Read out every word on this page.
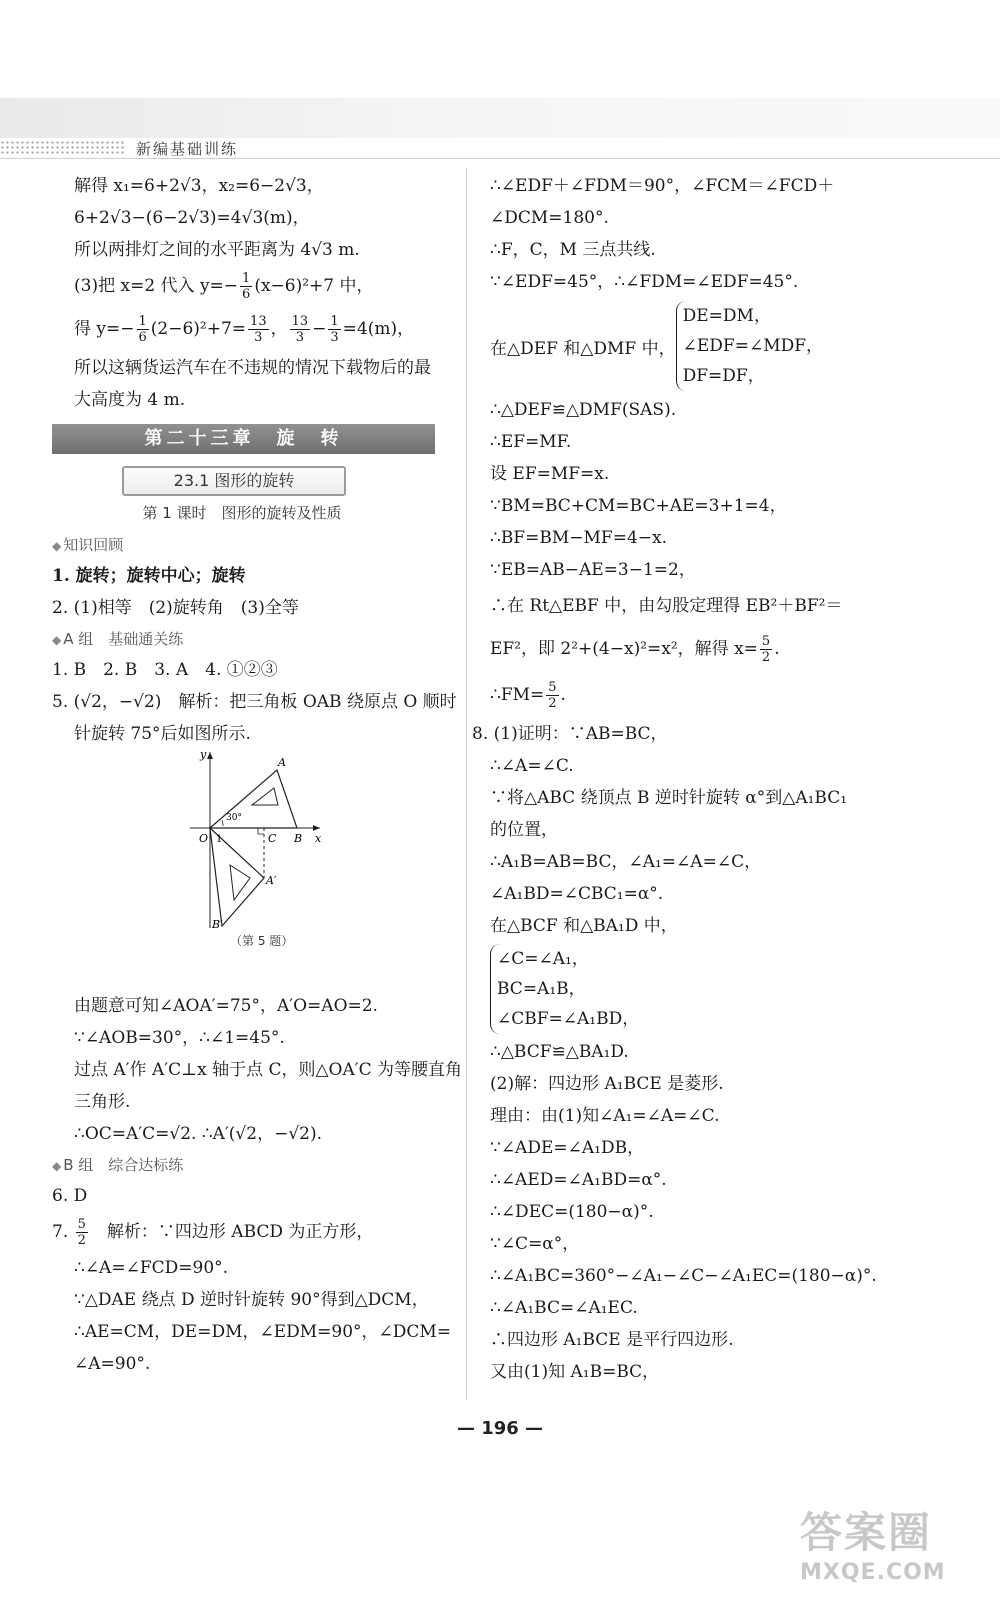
新编基础训练
解得 x₁=6+2√3，x₂=6−2√3，
6+2√3−(6−2√3)=4√3(m)，
所以两排灯之间的水平距离为 4√3 m.
(3)把 x=2 代入 $y=- \frac{1}{6} (x-6)^2+7$ 中，
得 $y=- \frac{1}{6} (2-6)^2+7= \frac{13}{3}$ ， $\frac{13}{3} - \frac{1}{3} =4(m)$，
所以这辆货运汽车在不违规的情况下载物后的最
大高度为 4 m.
第二十三章　旋　转
23.1 图形的旋转
第 1 课时　图形的旋转及性质
◆ 知识回顾
1. 旋转；旋转中心；旋转
2. (1)相等　(2)旋转角　(3)全等
◆ A 组　基础通关练
1. B　2. B　3. A　4. ①②③
5. (√2，−√2)　解析：把三角板 OAB 绕原点 O 顺时
针旋转 75°后如图所示.
y
x
O
A
B
C
A′
B′
1
30°
（第 5 题）
由题意可知∠AOA′=75°，A′O=AO=2.
∵∠AOB=30°，∴∠1=45°.
过点 A′作 A′C⊥x 轴于点 C，则△OA′C 为等腰直角
三角形.
∴OC=A′C=√2. ∴A′(√2，−√2).
◆ B 组　综合达标练
6. D
7. $\frac{5}{2}$ 　解析：∵四边形 ABCD 为正方形，
∴∠A=∠FCD=90°.
∵△DAE 绕点 D 逆时针旋转 90°得到△DCM，
∴AE=CM，DE=DM，∠EDM=90°，∠DCM=
∠A=90°.
∴∠EDF＋∠FDM＝90°，∠FCM＝∠FCD＋
∠DCM=180°.
∴F，C，M 三点共线.
∵∠EDF=45°，∴∠FDM=∠EDF=45°.
在△DEF 和△DMF 中，
DE=DM，
∠EDF=∠MDF，
DF=DF，
∴△DEF≌△DMF(SAS).
∴EF=MF.
设 EF=MF=x.
∵BM=BC+CM=BC+AE=3+1=4，
∴BF=BM−MF=4−x.
∵EB=AB−AE=3−1=2，
∴在 Rt△EBF 中，由勾股定理得 EB²＋BF²＝
EF²，即 2²+(4−x)²=x²，解得 $x= \frac{5}{2}$ .
∴FM= $\frac{5}{2}$ .
8. (1)证明：∵AB=BC，
∴∠A=∠C.
∵将△ABC 绕顶点 B 逆时针旋转 α°到△A₁BC₁
的位置，
∴A₁B=AB=BC，∠A₁=∠A=∠C，
∠A₁BD=∠CBC₁=α°.
在△BCF 和△BA₁D 中，
∠C=∠A₁，
BC=A₁B，
∠CBF=∠A₁BD，
∴△BCF≌△BA₁D.
(2)解：四边形 A₁BCE 是菱形.
理由：由(1)知∠A₁=∠A=∠C.
∵∠ADE=∠A₁DB，
∴∠AED=∠A₁BD=α°.
∴∠DEC=(180−α)°.
∵∠C=α°，
∴∠A₁BC=360°−∠A₁−∠C−∠A₁EC=(180−α)°.
∴∠A₁BC=∠A₁EC.
∴四边形 A₁BCE 是平行四边形.
又由(1)知 A₁B=BC，
— 196 —
答案圈
MXQE.COM
